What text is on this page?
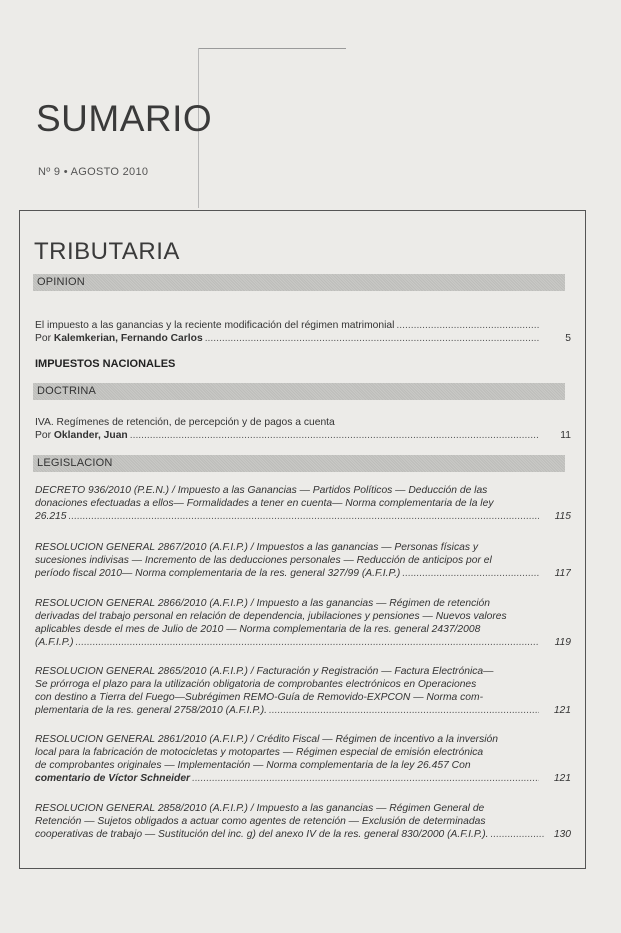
SUMARIO
Nº 9 • AGOSTO 2010
TRIBUTARIA
OPINION
El impuesto a las ganancias y la reciente modificación del régimen matrimonial
.....
Por Kalemkerian, Fernando Carlos .....	5
IMPUESTOS NACIONALES
DOCTRINA
IVA. Regímenes de retención, de percepción y de pagos a cuenta
Por Oklander, Juan .....	11
LEGISLACION
DECRETO 936/2010 (P.E.N.) / Impuesto a las Ganancias — Partidos Políticos — Deducción de las
donaciones efectuadas a ellos— Formalidades a tener en cuenta— Norma complementaria de la ley
26.215 .....	115
RESOLUCION GENERAL 2867/2010 (A.F.I.P.) / Impuestos a las ganancias — Personas físicas y
sucesiones indivisas — Incremento de las deducciones personales — Reducción de anticipos por el
período fiscal 2010— Norma complementaria de la res. general 327/99 (A.F.I.P.) .....	117
RESOLUCION GENERAL 2866/2010 (A.F.I.P.) / Impuesto a las ganancias — Régimen de retención
derivadas del trabajo personal en relación de dependencia, jubilaciones y pensiones — Nuevos valores
aplicables desde el mes de Julio de 2010 — Norma complementaria de la res. general 2437/2008
(A.F.I.P.) .....	119
RESOLUCION GENERAL 2865/2010 (A.F.I.P.) / Facturación y Registración — Factura Electrónica—
Se prórroga el plazo para la utilización obligatoria de comprobantes electrónicos en Operaciones
con destino a Tierra del Fuego—Subrégimen REMO-Guía de Removido-EXPCON — Norma com-
plementaria de la res. general 2758/2010 (A.F.I.P.). .....	121
RESOLUCION GENERAL 2861/2010 (A.F.I.P.) / Crédito Fiscal — Régimen de incentivo a la inversión
local para la fabricación de motocicletas y motopartes — Régimen especial de emisión electrónica
de comprobantes originales — Implementación — Norma complementaria de la ley 26.457 Con
comentario de Víctor Schneider .....	121
RESOLUCION GENERAL 2858/2010 (A.F.I.P.) / Impuesto a las ganancias — Régimen General de
Retención — Sujetos obligados a actuar como agentes de retención — Exclusión de determinadas
cooperativas de trabajo — Sustitución del inc. g) del anexo IV de la res. general 830/2000 (A.F.I.P.). .....	130
